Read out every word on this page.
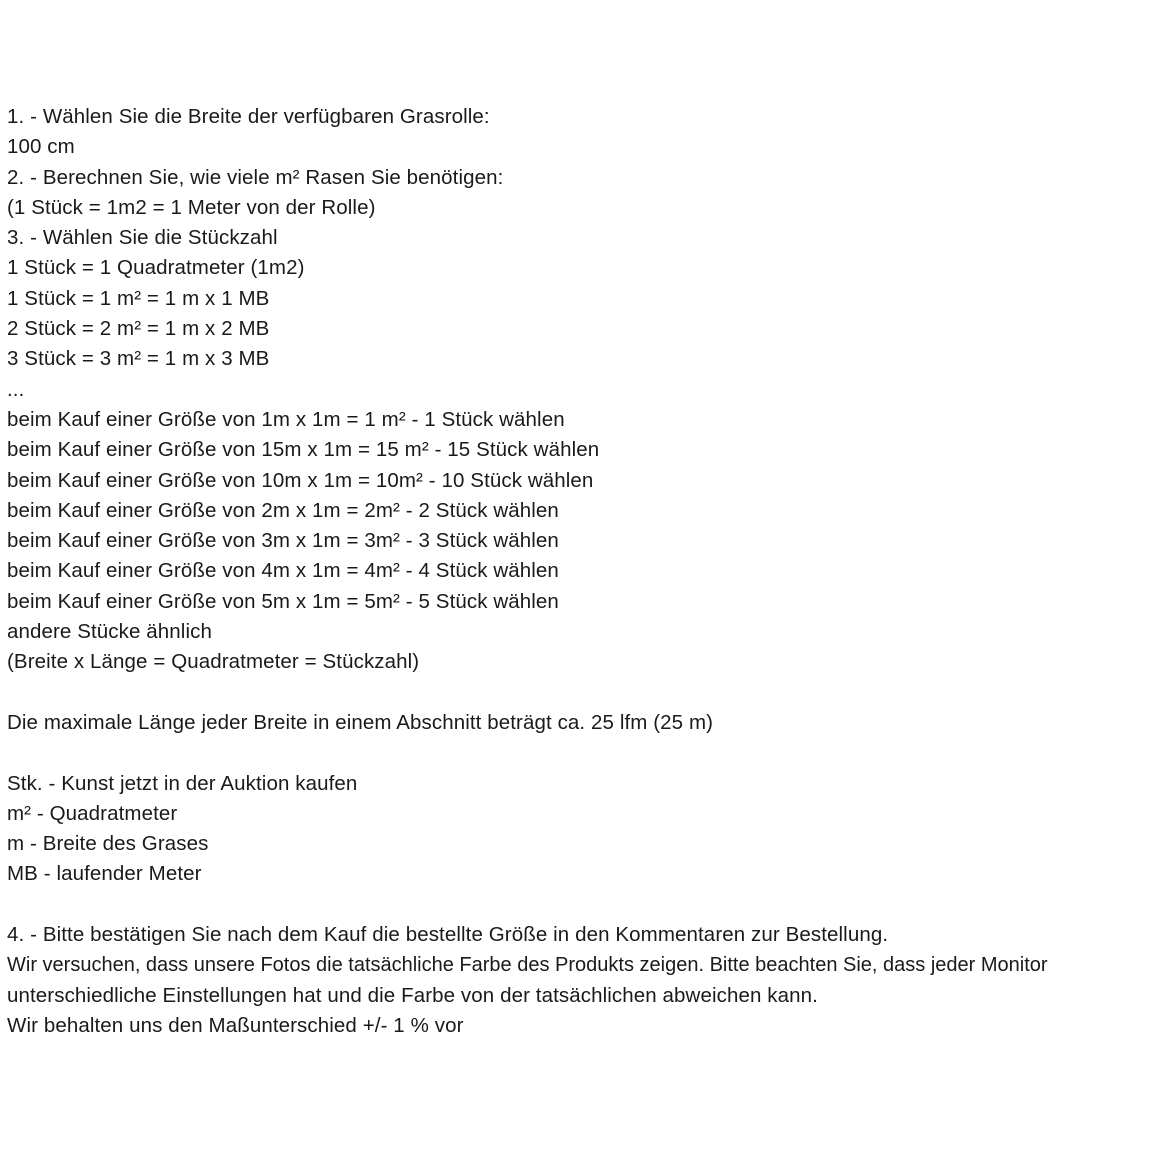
1. - Wählen Sie die Breite der verfügbaren Grasrolle:
100 cm
2. - Berechnen Sie, wie viele m² Rasen Sie benötigen:
(1 Stück = 1m2 = 1 Meter von der Rolle)
3. - Wählen Sie die Stückzahl
1 Stück = 1 Quadratmeter (1m2)
1 Stück = 1 m² = 1 m x 1 MB
2 Stück = 2 m² = 1 m x 2 MB
3 Stück = 3 m² = 1 m x 3 MB
...
beim Kauf einer Größe von 1m x 1m = 1 m² - 1 Stück wählen
beim Kauf einer Größe von 15m x 1m = 15 m² - 15 Stück wählen
beim Kauf einer Größe von 10m x 1m = 10m² - 10 Stück wählen
beim Kauf einer Größe von 2m x 1m = 2m² - 2 Stück wählen
beim Kauf einer Größe von 3m x 1m = 3m² - 3 Stück wählen
beim Kauf einer Größe von 4m x 1m = 4m² - 4 Stück wählen
beim Kauf einer Größe von 5m x 1m = 5m² - 5 Stück wählen
andere Stücke ähnlich
(Breite x Länge = Quadratmeter = Stückzahl)
Die maximale Länge jeder Breite in einem Abschnitt beträgt ca. 25 lfm (25 m)
Stk. - Kunst jetzt in der Auktion kaufen
m² - Quadratmeter
m - Breite des Grases
MB - laufender Meter
4. - Bitte bestätigen Sie nach dem Kauf die bestellte Größe in den Kommentaren zur Bestellung.
Wir versuchen, dass unsere Fotos die tatsächliche Farbe des Produkts zeigen. Bitte beachten Sie, dass jeder Monitor
unterschiedliche Einstellungen hat und die Farbe von der tatsächlichen abweichen kann.
Wir behalten uns den Maßunterschied +/- 1 % vor
